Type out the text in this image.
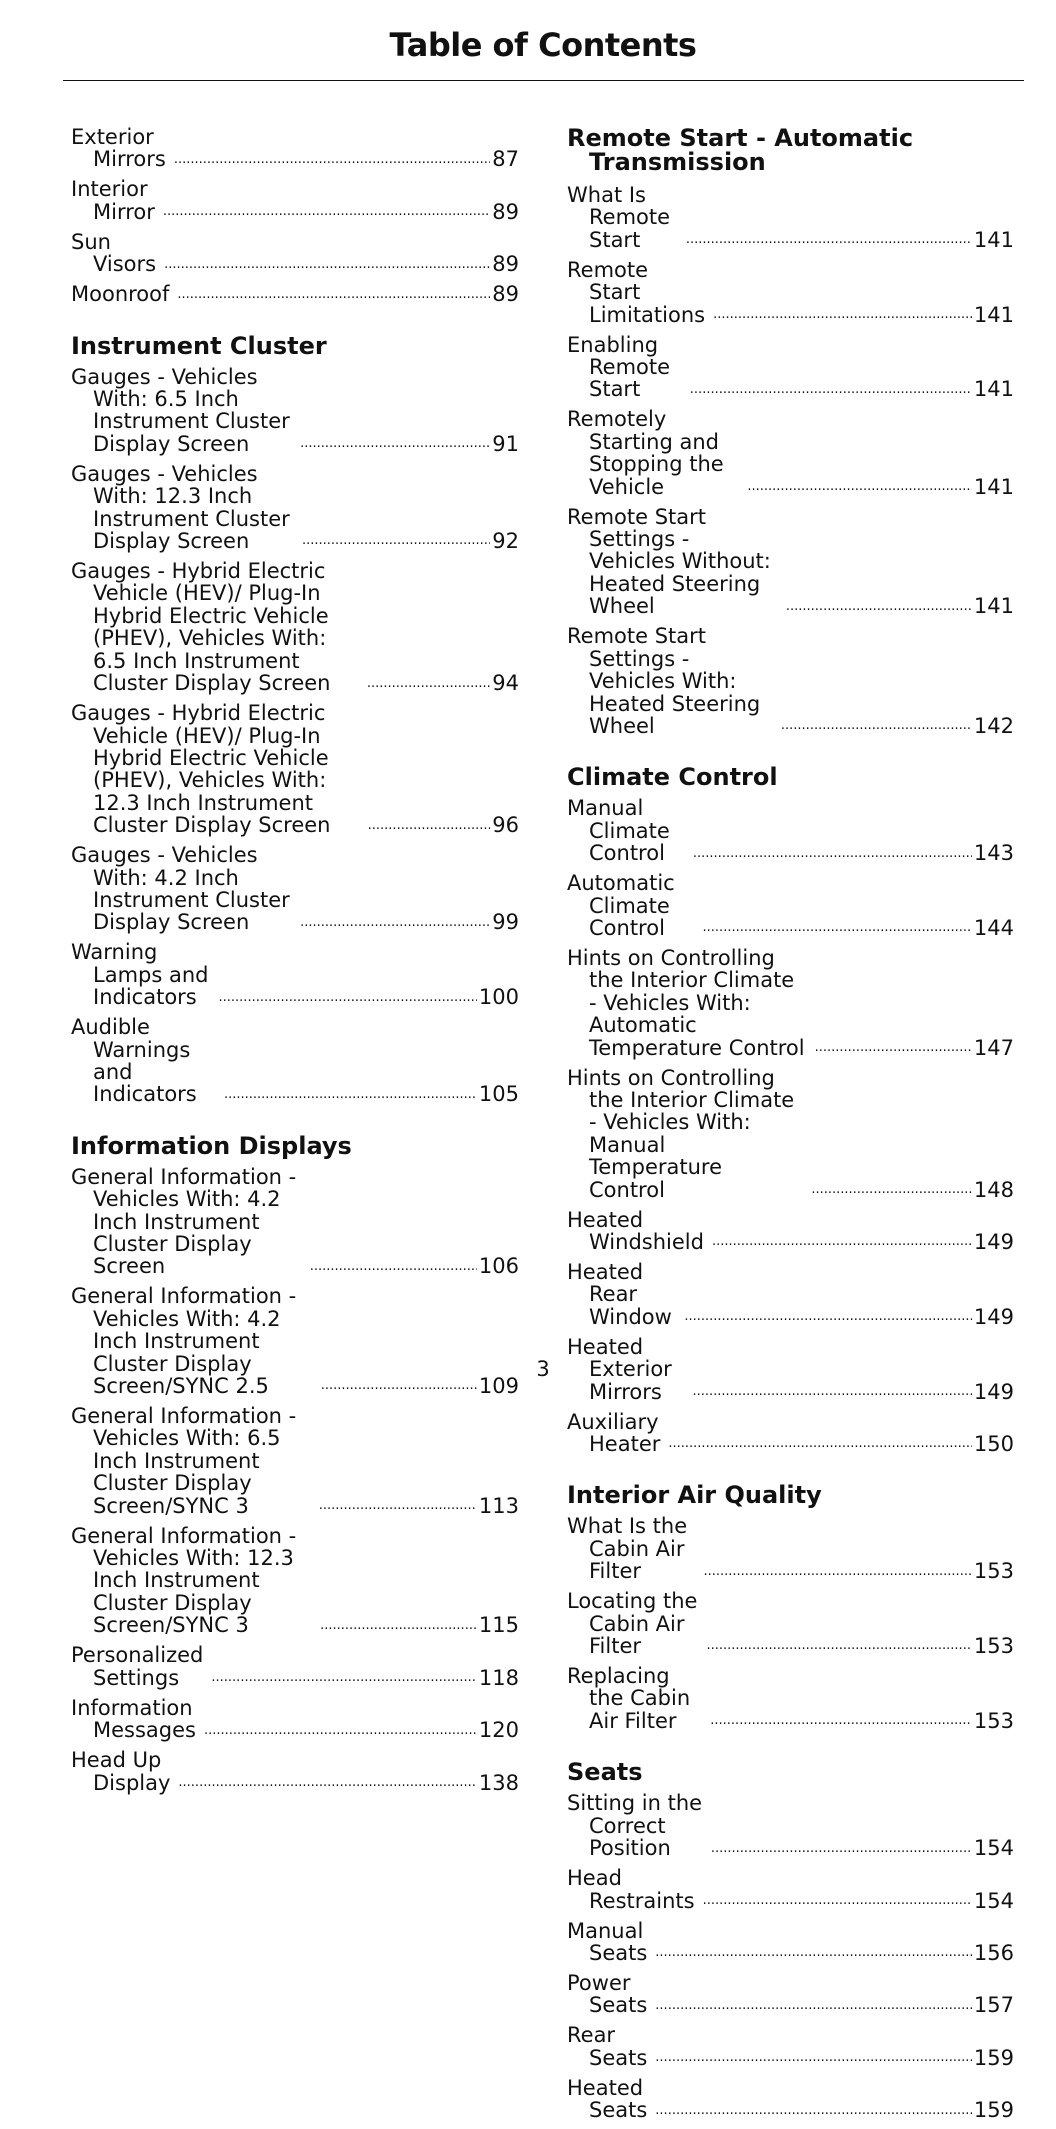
Table of Contents
Exterior Mirrors .....	87
Interior Mirror .....	89
Sun Visors .....	89
Moonroof .....	89
Instrument Cluster
Gauges - Vehicles With: 6.5 Inch Instrument Cluster Display Screen .....	91
Gauges - Vehicles With: 12.3 Inch Instrument Cluster Display Screen .....	92
Gauges - Hybrid Electric Vehicle (HEV)/ Plug-In Hybrid Electric Vehicle (PHEV), Vehicles With: 6.5 Inch Instrument Cluster Display Screen .....	94
Gauges - Hybrid Electric Vehicle (HEV)/ Plug-In Hybrid Electric Vehicle (PHEV), Vehicles With: 12.3 Inch Instrument Cluster Display Screen .....	96
Gauges - Vehicles With: 4.2 Inch Instrument Cluster Display Screen .....	99
Warning Lamps and Indicators .....	100
Audible Warnings and Indicators .....	105
Information Displays
General Information - Vehicles With: 4.2 Inch Instrument Cluster Display Screen .....	106
General Information - Vehicles With: 4.2 Inch Instrument Cluster Display Screen/SYNC 2.5 .....	109
General Information - Vehicles With: 6.5 Inch Instrument Cluster Display Screen/SYNC 3 .....	113
General Information - Vehicles With: 12.3 Inch Instrument Cluster Display Screen/SYNC 3 .....	115
Personalized Settings .....	118
Information Messages .....	120
Head Up Display .....	138
Remote Start - Automatic Transmission
What Is Remote Start .....	141
Remote Start Limitations .....	141
Enabling Remote Start .....	141
Remotely Starting and Stopping the Vehicle .....	141
Remote Start Settings - Vehicles Without: Heated Steering Wheel .....	141
Remote Start Settings - Vehicles With: Heated Steering Wheel .....	142
Climate Control
Manual Climate Control .....	143
Automatic Climate Control .....	144
Hints on Controlling the Interior Climate - Vehicles With: Automatic Temperature Control .....	147
Hints on Controlling the Interior Climate - Vehicles With: Manual Temperature Control .....	148
Heated Windshield .....	149
Heated Rear Window .....	149
Heated Exterior Mirrors .....	149
Auxiliary Heater .....	150
Interior Air Quality
What Is the Cabin Air Filter .....	153
Locating the Cabin Air Filter .....	153
Replacing the Cabin Air Filter .....	153
Seats
Sitting in the Correct Position .....	154
Head Restraints .....	154
Manual Seats .....	156
Power Seats .....	157
Rear Seats .....	159
Heated Seats .....	159
3
